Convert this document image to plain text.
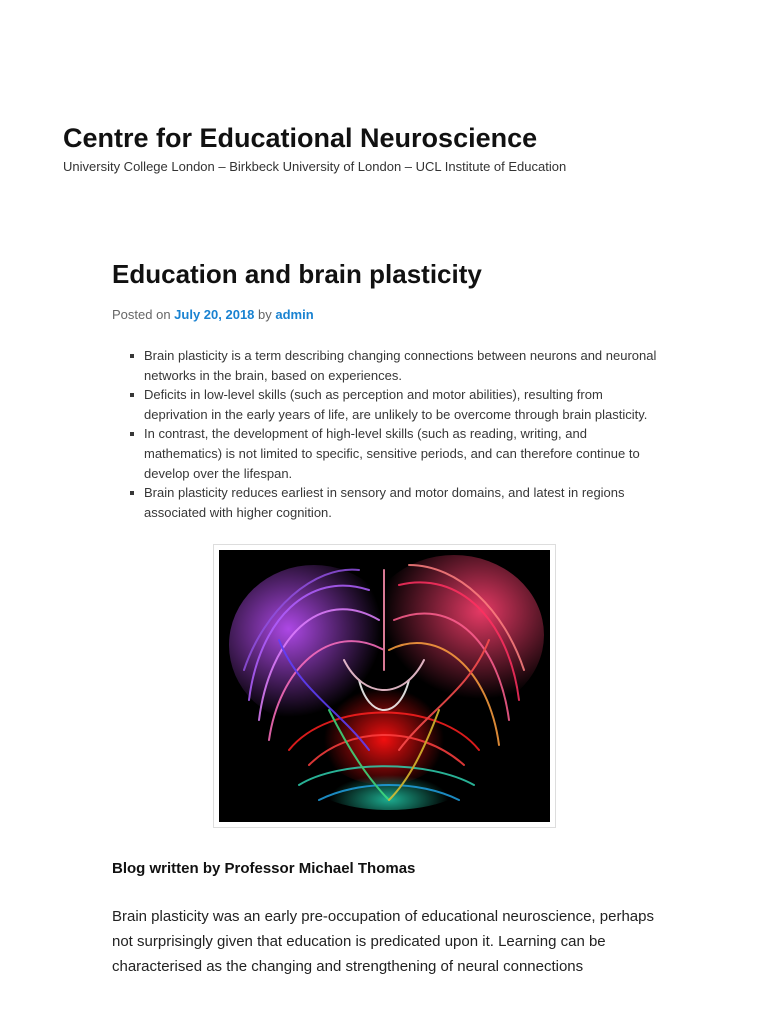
Centre for Educational Neuroscience
University College London – Birkbeck University of London – UCL Institute of Education
Education and brain plasticity
Posted on July 20, 2018 by admin
Brain plasticity is a term describing changing connections between neurons and neuronal networks in the brain, based on experiences.
Deficits in low-level skills (such as perception and motor abilities), resulting from deprivation in the early years of life, are unlikely to be overcome through brain plasticity.
In contrast, the development of high-level skills (such as reading, writing, and mathematics) is not limited to specific, sensitive periods, and can therefore continue to develop over the lifespan.
Brain plasticity reduces earliest in sensory and motor domains, and latest in regions associated with higher cognition.
Blog written by Professor Michael Thomas

Brain plasticity was an early pre-occupation of educational neuroscience, perhaps not surprisingly given that education is predicated upon it. Learning can be characterised as the changing and strengthening of neural connections
